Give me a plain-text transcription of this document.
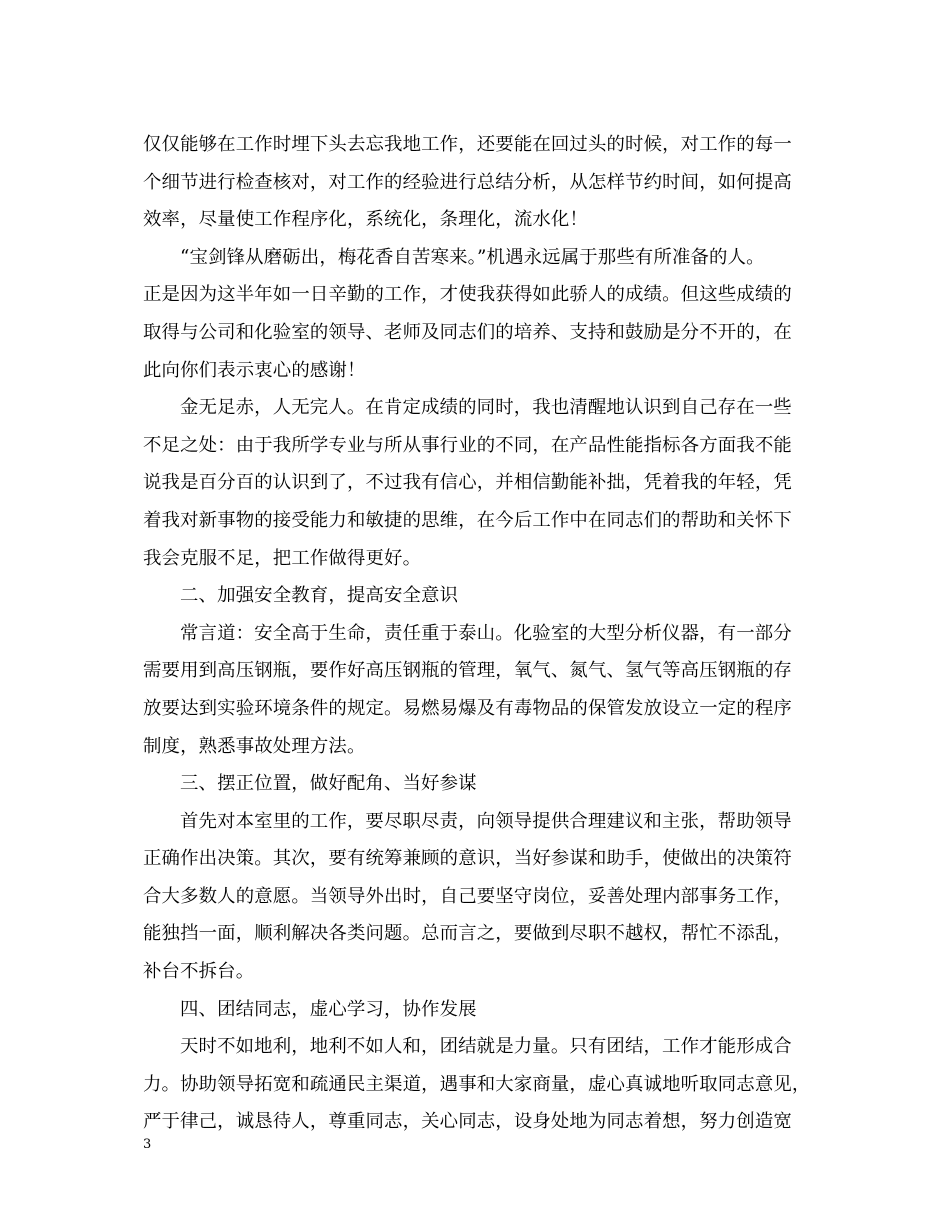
仅仅能够在工作时埋下头去忘我地工作，还要能在回过头的时候，对工作的每一
个细节进行检查核对，对工作的经验进行总结分析，从怎样节约时间，如何提高
效率，尽量使工作程序化，系统化，条理化，流水化！
“宝剑锋从磨砺出，梅花香自苦寒来。”机遇永远属于那些有所准备的人。
正是因为这半年如一日辛勤的工作，才使我获得如此骄人的成绩。但这些成绩的
取得与公司和化验室的领导、老师及同志们的培养、支持和鼓励是分不开的，在
此向你们表示衷心的感谢！
金无足赤，人无完人。在肯定成绩的同时，我也清醒地认识到自己存在一些
不足之处：由于我所学专业与所从事行业的不同，在产品性能指标各方面我不能
说我是百分百的认识到了，不过我有信心，并相信勤能补拙，凭着我的年轻，凭
着我对新事物的接受能力和敏捷的思维，在今后工作中在同志们的帮助和关怀下
我会克服不足，把工作做得更好。
二、加强安全教育，提高安全意识
常言道：安全高于生命，责任重于泰山。化验室的大型分析仪器，有一部分
需要用到高压钢瓶，要作好高压钢瓶的管理，氧气、氮气、氢气等高压钢瓶的存
放要达到实验环境条件的规定。易燃易爆及有毒物品的保管发放设立一定的程序
制度，熟悉事故处理方法。
三、摆正位置，做好配角、当好参谋
首先对本室里的工作，要尽职尽责，向领导提供合理建议和主张，帮助领导
正确作出决策。其次，要有统筹兼顾的意识，当好参谋和助手，使做出的决策符
合大多数人的意愿。当领导外出时，自己要坚守岗位，妥善处理内部事务工作，
能独挡一面，顺利解决各类问题。总而言之，要做到尽职不越权，帮忙不添乱，
补台不拆台。
四、团结同志，虚心学习，协作发展
天时不如地利，地利不如人和，团结就是力量。只有团结，工作才能形成合
力。协助领导拓宽和疏通民主渠道，遇事和大家商量，虚心真诚地听取同志意见，
严于律己，诚恳待人，尊重同志，关心同志，设身处地为同志着想，努力创造宽
3
